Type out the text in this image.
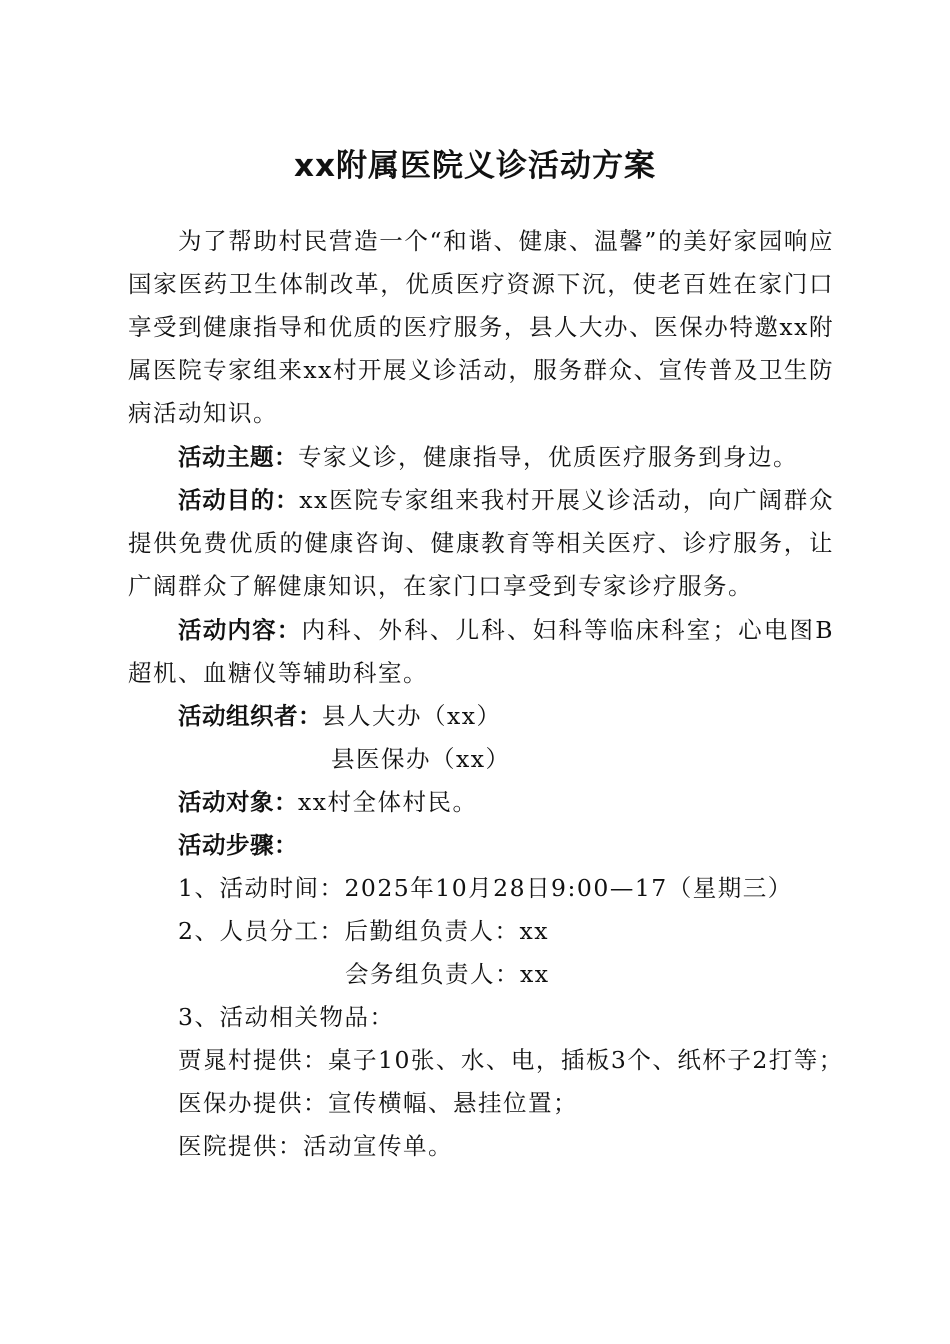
xx附属医院义诊活动方案
为了帮助村民营造一个“和谐、健康、温馨”的美好家园响应国家医药卫生体制改革，优质医疗资源下沉，使老百姓在家门口享受到健康指导和优质的医疗服务，县人大办、医保办特邀xx附属医院专家组来xx村开展义诊活动，服务群众、宣传普及卫生防病活动知识。
活动主题：专家义诊，健康指导，优质医疗服务到身边。
活动目的：xx医院专家组来我村开展义诊活动，向广阔群众提供免费优质的健康咨询、健康教育等相关医疗、诊疗服务，让广阔群众了解健康知识，在家门口享受到专家诊疗服务。
活动内容：内科、外科、儿科、妇科等临床科室；心电图B超机、血糖仪等辅助科室。
活动组织者：县人大办（xx）
县医保办（xx）
活动对象：xx村全体村民。
活动步骤：
1、活动时间：2025年10月28日9:00—17（星期三）
2、人员分工：后勤组负责人：xx
会务组负责人：xx
3、活动相关物品：
贾晁村提供：桌子10张、水、电，插板3个、纸杯子2打等；
医保办提供：宣传横幅、悬挂位置；
医院提供：活动宣传单。
